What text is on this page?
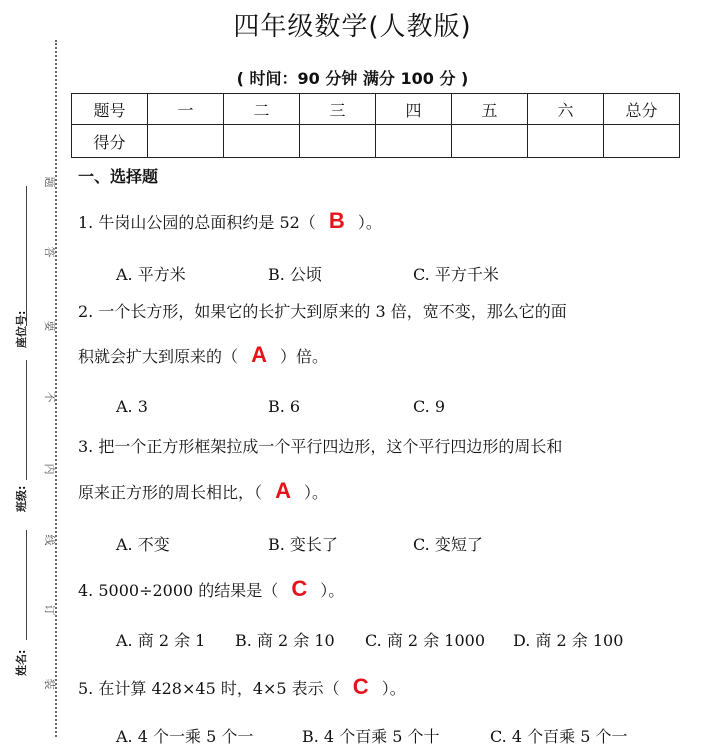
题
答
要
不
内
线
订
装
座位号:
班级:
姓名:
四年级数学(人教版)
( 时间：90 分钟 满分 100 分 )
题号	一	二	三	四	五	六	总分
得分							
一、选择题
1. 牛岗山公园的总面积约是 52（ B ）。
A. 平方米	B. 公顷	C. 平方千米
2. 一个长方形，如果它的长扩大到原来的 3 倍，宽不变，那么它的面
积就会扩大到原来的（ A ）倍。
A. 3	B. 6	C. 9
3. 把一个正方形框架拉成一个平行四边形，这个平行四边形的周长和
原来正方形的周长相比，（ A ）。
A. 不变	B. 变长了	C. 变短了
4. 5000÷2000 的结果是（ C ）。
A. 商 2 余 1 B. 商 2 余 10 C. 商 2 余 1000 D. 商 2 余 100
5. 在计算 428×45 时，4×5 表示（ C ）。
A. 4 个一乘 5 个一	B. 4 个百乘 5 个十	C. 4 个百乘 5 个一
